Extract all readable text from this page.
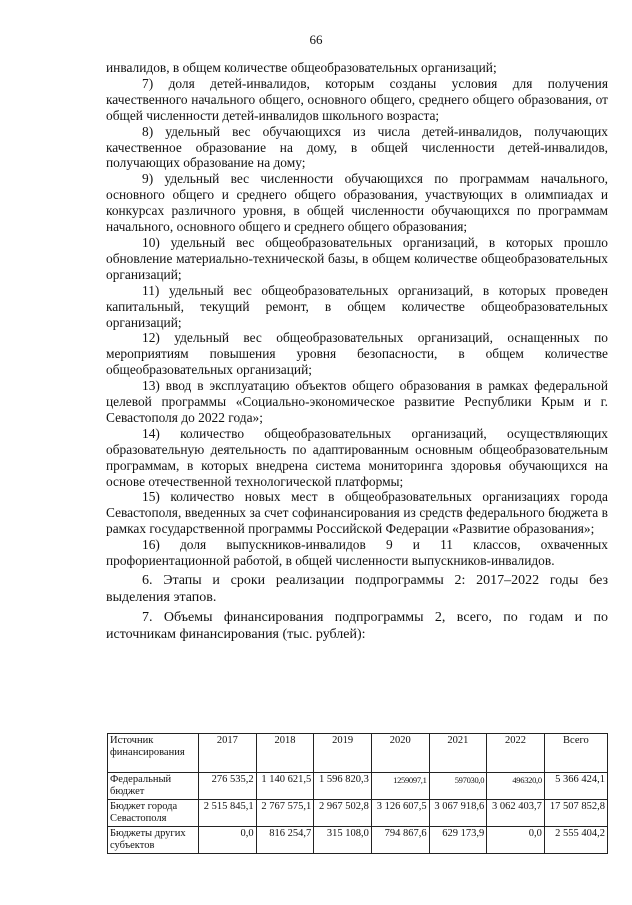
66

инвалидов, в общем количестве общеобразовательных организаций;

7) доля детей-инвалидов, которым созданы условия для получения качественного начального общего, основного общего, среднего общего образования, от общей численности детей-инвалидов школьного возраста;

8) удельный вес обучающихся из числа детей-инвалидов, получающих качественное образование на дому, в общей численности детей-инвалидов, получающих образование на дому;

9) удельный вес численности обучающихся по программам начального, основного общего и среднего общего образования, участвующих в олимпиадах и конкурсах различного уровня, в общей численности обучающихся по программам начального, основного общего и среднего общего образования;

10) удельный вес общеобразовательных организаций, в которых прошло обновление материально-технической базы, в общем количестве общеобразовательных организаций;

11) удельный вес общеобразовательных организаций, в которых проведен капитальный, текущий ремонт, в общем количестве общеобразовательных организаций;

12) удельный вес общеобразовательных организаций, оснащенных по мероприятиям повышения уровня безопасности, в общем количестве общеобразовательных организаций;

13) ввод в эксплуатацию объектов общего образования в рамках федеральной целевой программы «Социально-экономическое развитие Республики Крым и г. Севастополя до 2022 года»;

14) количество общеобразовательных организаций, осуществляющих образовательную деятельность по адаптированным основным общеобразовательным программам, в которых внедрена система мониторинга здоровья обучающихся на основе отечественной технологической платформы;

15) количество новых мест в общеобразовательных организациях города Севастополя, введенных за счет софинансирования из средств федерального бюджета в рамках государственной программы Российской Федерации «Развитие образования»;

16) доля выпускников-инвалидов 9 и 11 классов, охваченных профориентационной работой, в общей численности выпускников-инвалидов.

6. Этапы и сроки реализации подпрограммы 2: 2017–2022 годы без выделения этапов.

7. Объемы финансирования подпрограммы 2, всего, по годам и по источникам финансирования (тыс. рублей):

Источник финансирования	2017	2018	2019	2020	2021	2022	Всего
Федеральный бюджет	276 535,2	1 140 621,5	1 596 820,3	1259097,1	597030,0	496320,0	5 366 424,1
Бюджет города Севастополя	2 515 845,1	2 767 575,1	2 967 502,8	3 126 607,5	3 067 918,6	3 062 403,7	17 507 852,8
Бюджеты других субъектов	0,0	816 254,7	315 108,0	794 867,6	629 173,9	0,0	2 555 404,2
